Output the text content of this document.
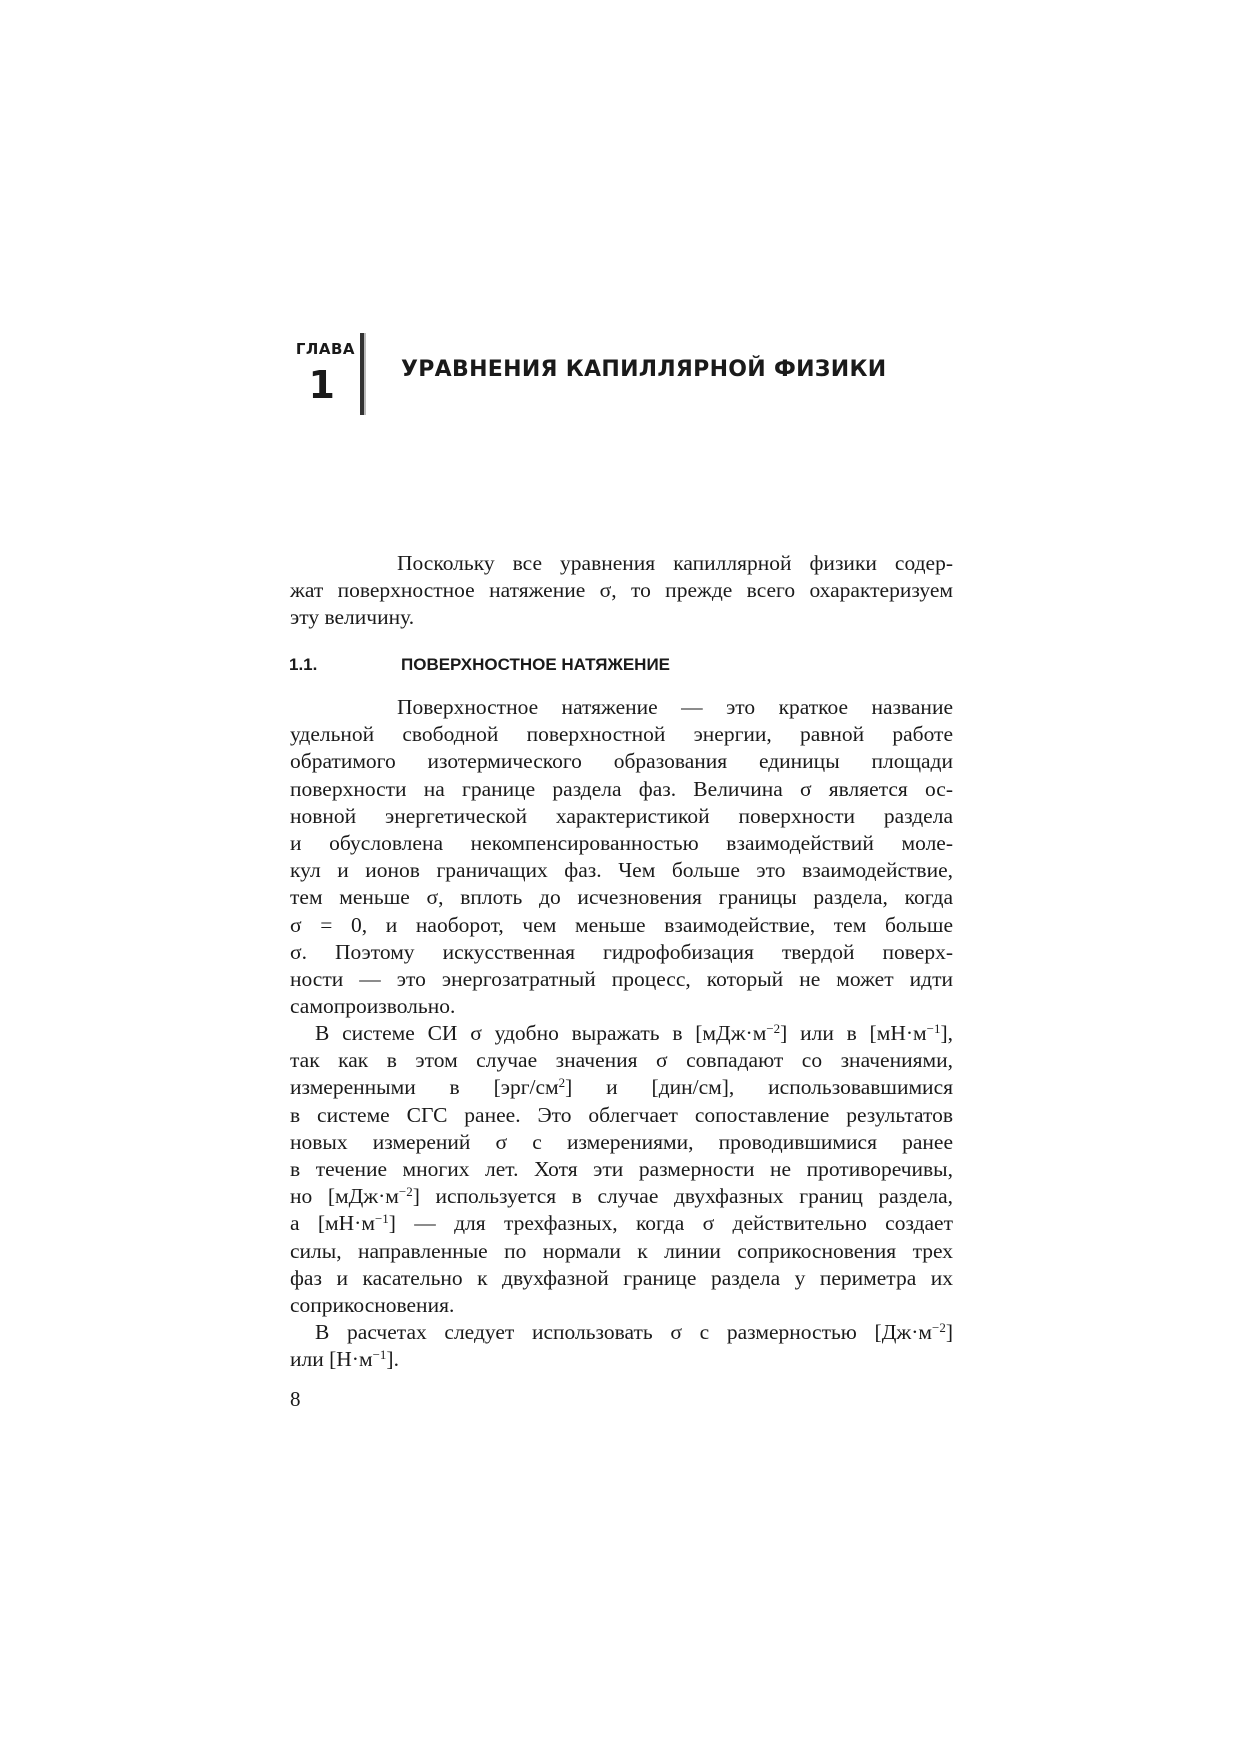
ГЛАВА
1	УРАВНЕНИЯ КАПИЛЛЯРНОЙ ФИЗИКИ
Поскольку все уравнения капиллярной физики содер-
жат поверхностное натяжение σ, то прежде всего охарактеризуем
эту величину.
1.1.	ПОВЕРХНОСТНОЕ НАТЯЖЕНИЕ
Поверхностное натяжение — это краткое название
удельной свободной поверхностной энергии, равной работе
обратимого изотермического образования единицы площади
поверхности на границе раздела фаз. Величина σ является ос-
новной энергетической характеристикой поверхности раздела
и обусловлена некомпенсированностью взаимодействий моле-
кул и ионов граничащих фаз. Чем больше это взаимодействие,
тем меньше σ, вплоть до исчезновения границы раздела, когда
σ = 0, и наоборот, чем меньше взаимодействие, тем больше
σ. Поэтому искусственная гидрофобизация твердой поверх-
ности — это энергозатратный процесс, который не может идти
самопроизвольно.
В системе СИ σ удобно выражать в $[мДж\cdot м^{-2}]$ или в $[мН\cdot м^{-1}]$,
так как в этом случае значения σ совпадают со значениями,
измеренными в $[эрг/см^2]$ и [дин/см], использовавшимися
в системе СГС ранее. Это облегчает сопоставление результатов
новых измерений σ с измерениями, проводившимися ранее
в течение многих лет. Хотя эти размерности не противоречивы,
но $[мДж\cdot м^{-2}]$ используется в случае двухфазных границ раздела,
а $[мН\cdot м^{-1}]$ — для трехфазных, когда σ действительно создает
силы, направленные по нормали к линии соприкосновения трех
фаз и касательно к двухфазной границе раздела у периметра их
соприкосновения.
В расчетах следует использовать σ с размерностью $[Дж\cdot м^{-2}]$
или $[Н\cdot м^{-1}]$.
8
